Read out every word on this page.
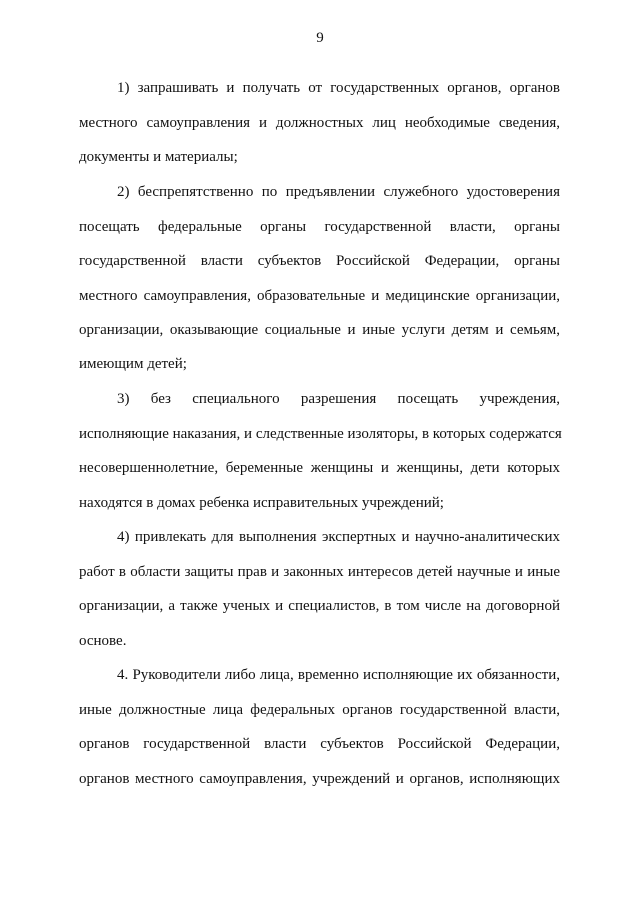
9
1) запрашивать и получать от государственных органов, органов
местного самоуправления и должностных лиц необходимые сведения,
документы и материалы;
2) беспрепятственно по предъявлении служебного удостоверения
посещать федеральные органы государственной власти, органы
государственной власти субъектов Российской Федерации, органы
местного самоуправления, образовательные и медицинские организации,
организации, оказывающие социальные и иные услуги детям и семьям,
имеющим детей;
3) без специального разрешения посещать учреждения,
исполняющие наказания, и следственные изоляторы, в которых содержатся
несовершеннолетние, беременные женщины и женщины, дети которых
находятся в домах ребенка исправительных учреждений;
4) привлекать для выполнения экспертных и научно-аналитических
работ в области защиты прав и законных интересов детей научные и иные
организации, а также ученых и специалистов, в том числе на договорной
основе.
4. Руководители либо лица, временно исполняющие их обязанности,
иные должностные лица федеральных органов государственной власти,
органов государственной власти субъектов Российской Федерации,
органов местного самоуправления, учреждений и органов, исполняющих
